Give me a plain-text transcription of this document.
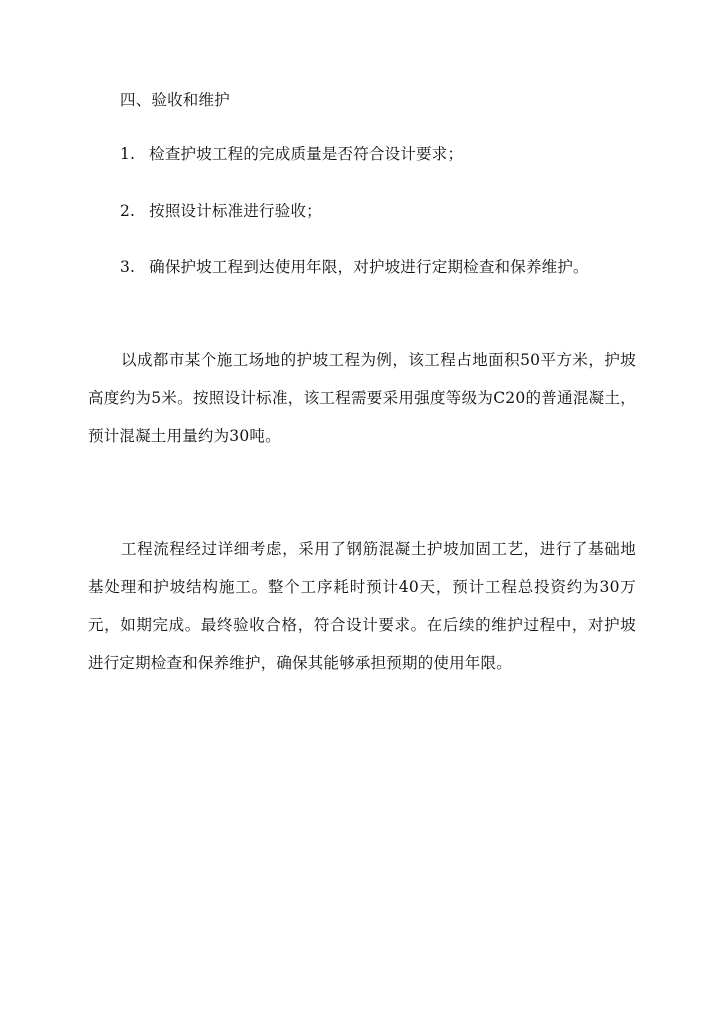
四、验收和维护
1. 检查护坡工程的完成质量是否符合设计要求；
2. 按照设计标准进行验收；
3. 确保护坡工程到达使用年限，对护坡进行定期检查和保养维护。
以成都市某个施工场地的护坡工程为例，该工程占地面积50平方米，护坡高度约为5米。按照设计标准，该工程需要采用强度等级为C20的普通混凝土，预计混凝土用量约为30吨。
工程流程经过详细考虑，采用了钢筋混凝土护坡加固工艺，进行了基础地基处理和护坡结构施工。整个工序耗时预计40天，预计工程总投资约为30万元，如期完成。最终验收合格，符合设计要求。在后续的维护过程中，对护坡进行定期检查和保养维护，确保其能够承担预期的使用年限。
